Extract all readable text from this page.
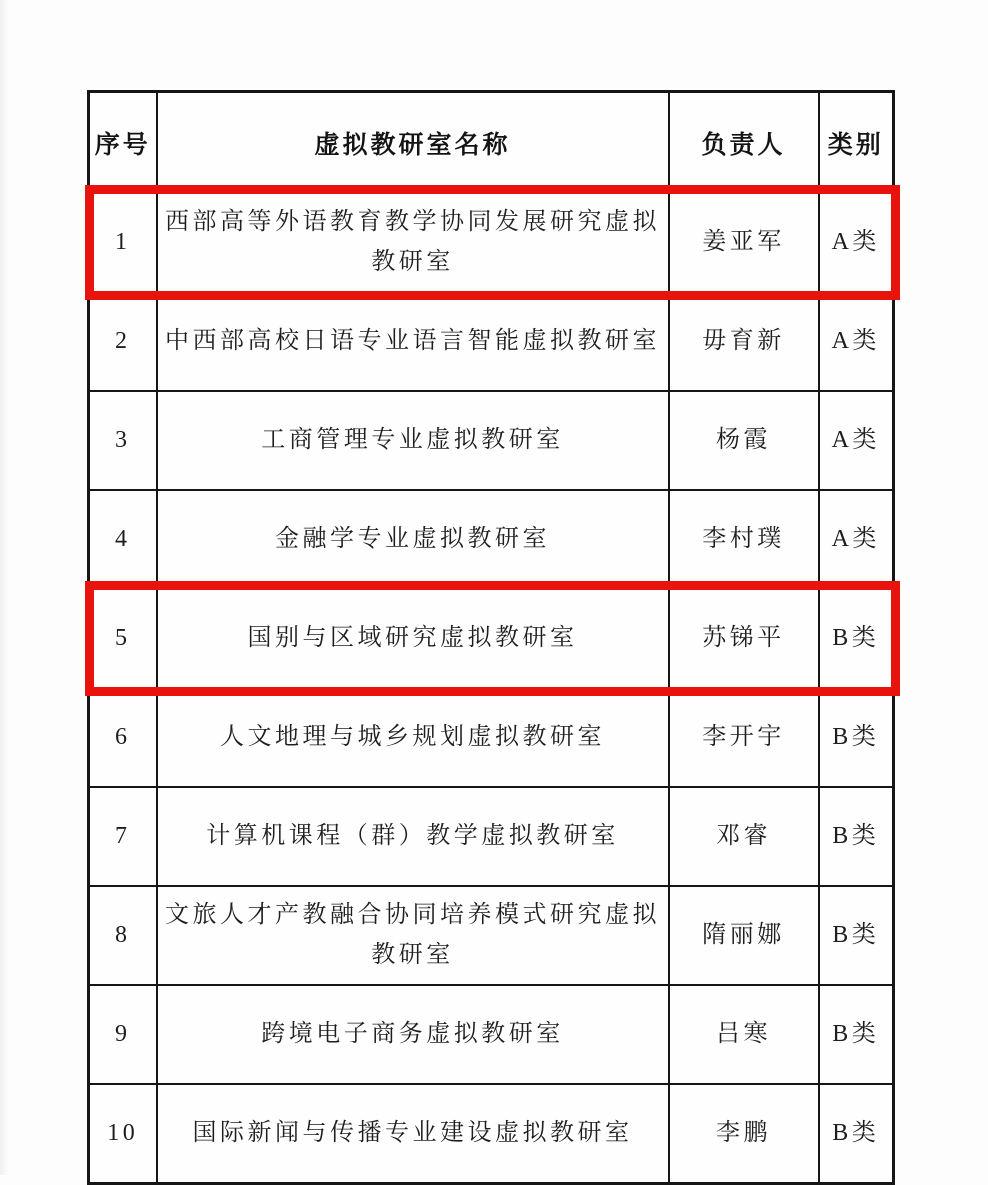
序号	虚拟教研室名称	负责人	类别
1	西部高等外语教育教学协同发展研究虚拟教研室	姜亚军	A类
2	中西部高校日语专业语言智能虚拟教研室	毋育新	A类
3	工商管理专业虚拟教研室	杨霞	A类
4	金融学专业虚拟教研室	李村璞	A类
5	国别与区域研究虚拟教研室	苏锑平	B类
6	人文地理与城乡规划虚拟教研室	李开宇	B类
7	计算机课程（群）教学虚拟教研室	邓睿	B类
8	文旅人才产教融合协同培养模式研究虚拟教研室	隋丽娜	B类
9	跨境电子商务虚拟教研室	吕寒	B类
10	国际新闻与传播专业建设虚拟教研室	李鹏	B类
